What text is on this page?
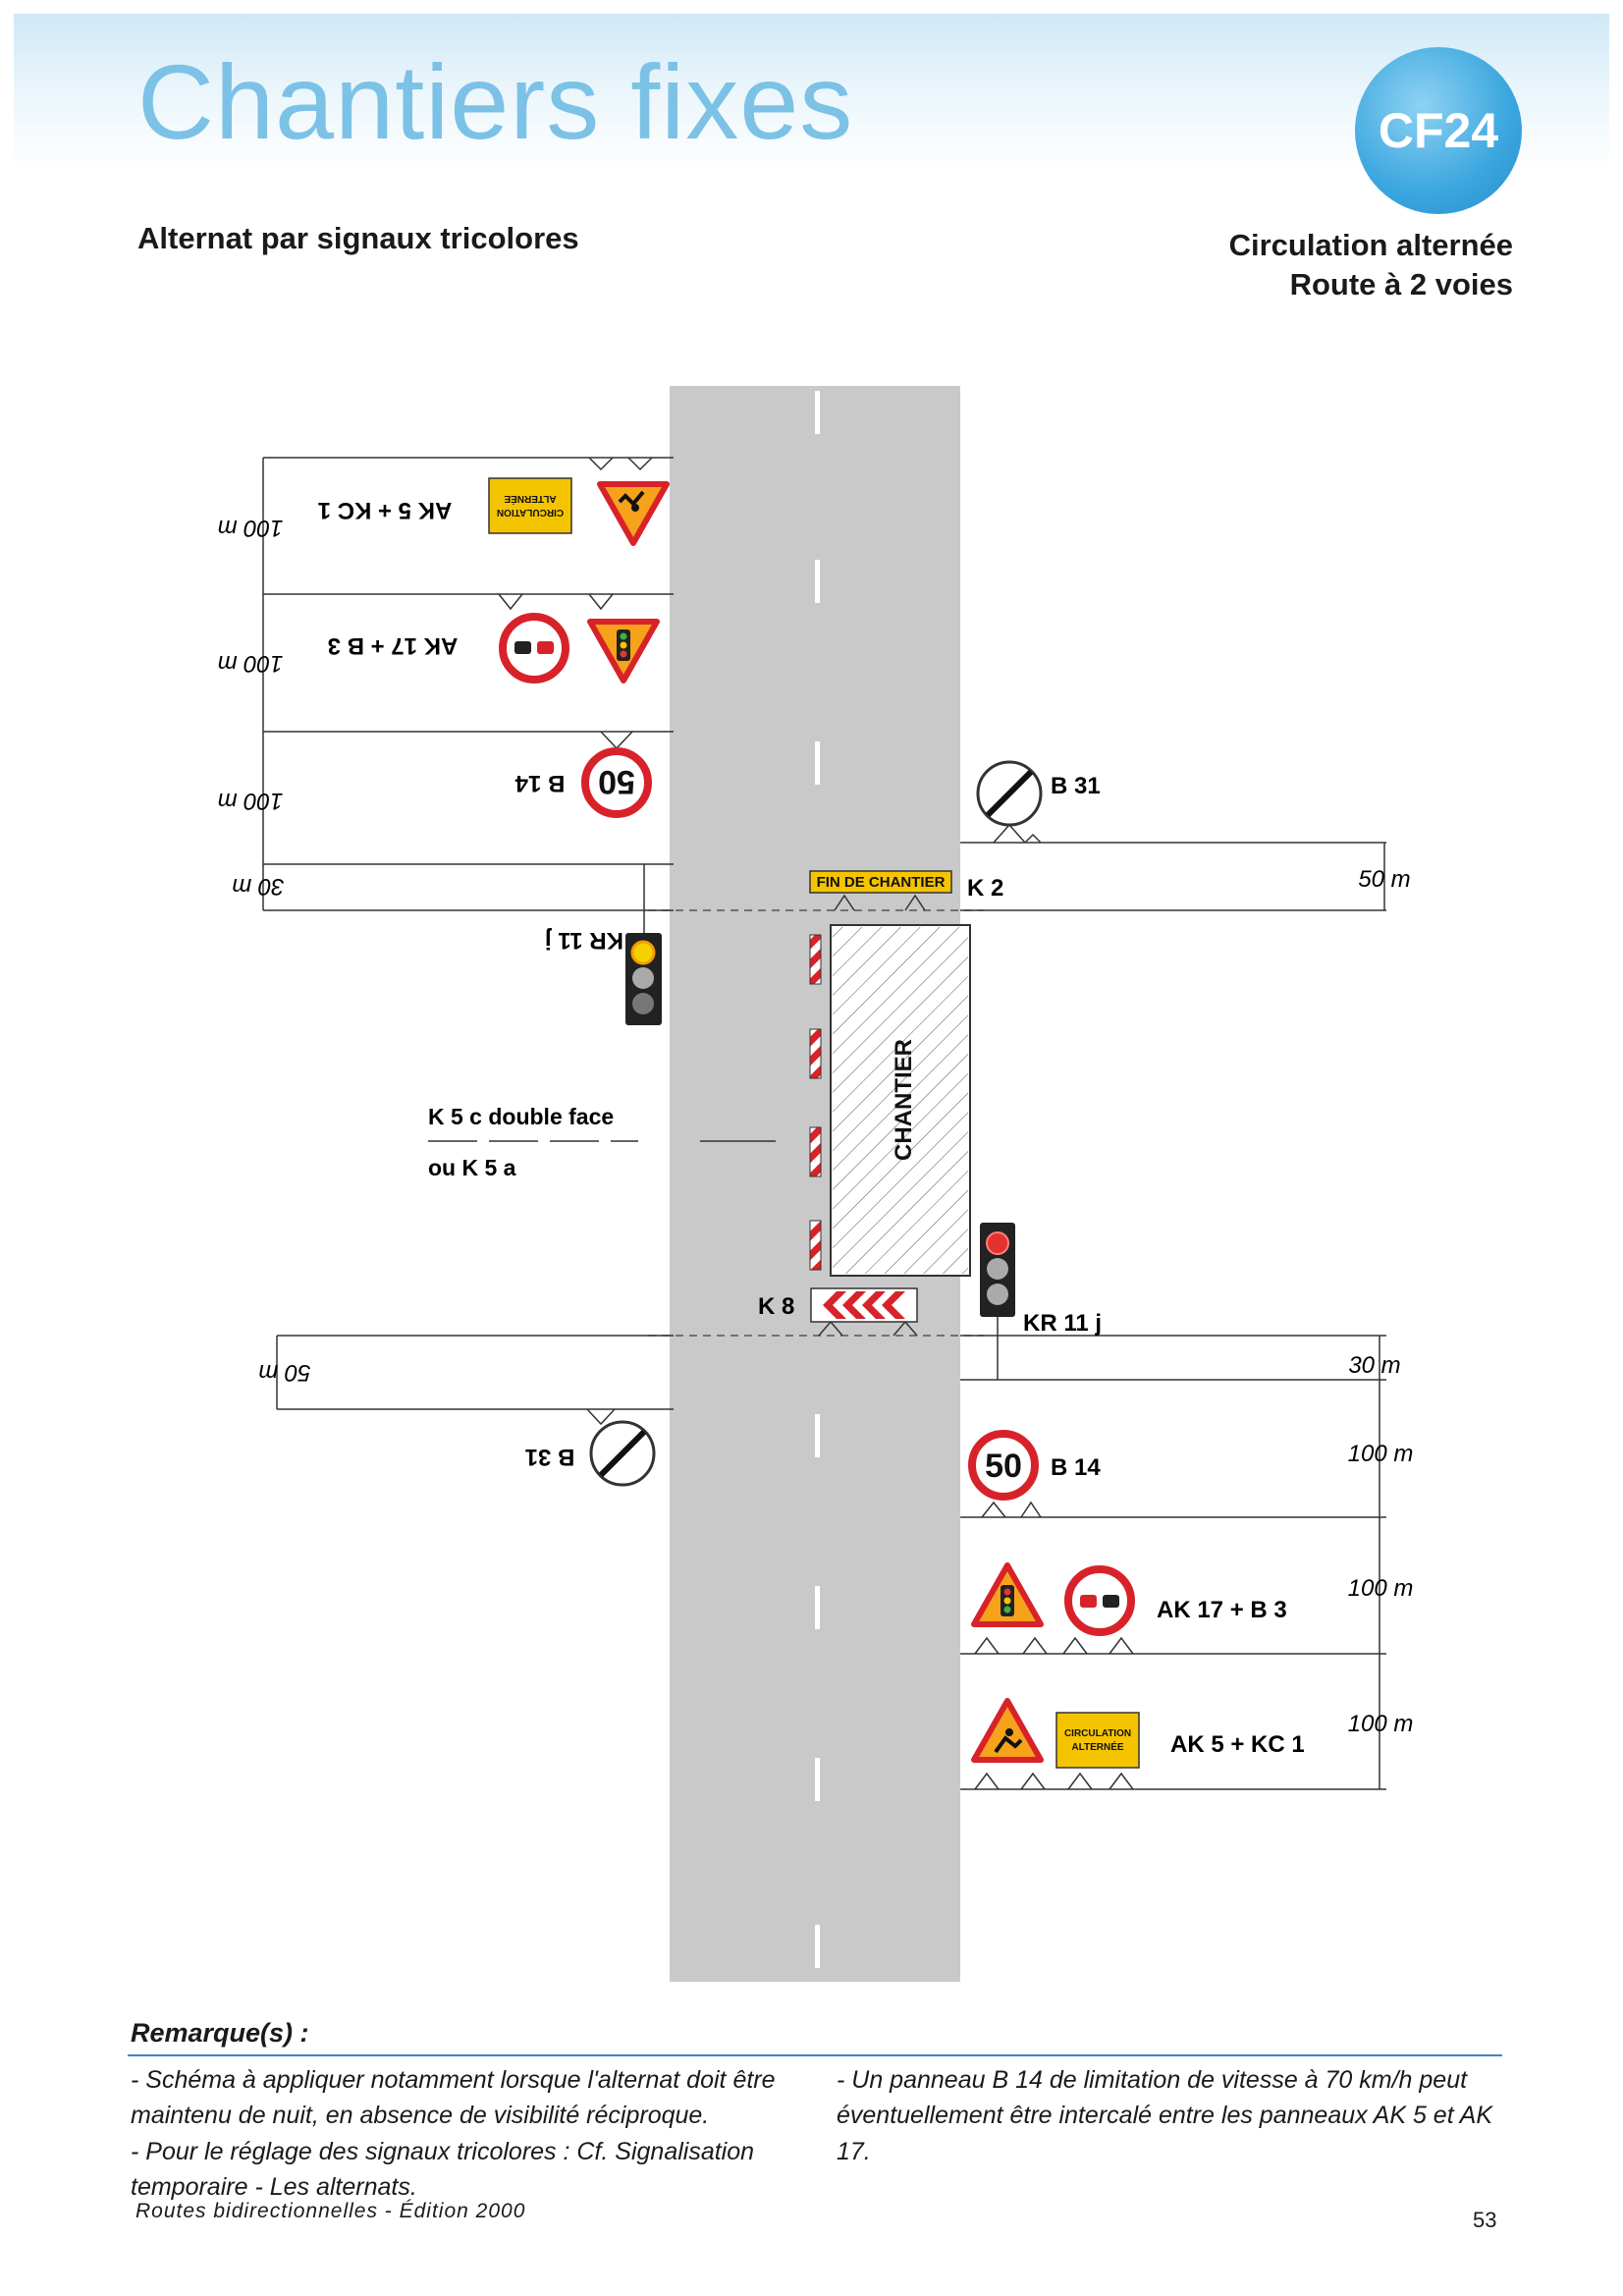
Chantiers fixes	CF24
Alternat par signaux tricolores	Circulation alternée
Route à 2 voies
CHANTIER
CIRCULATION
ALTERNÉE
AK 5 + KC 1
AK 17 + B 3
50
B 14
KR 11 j
K 5 c double face
ou K 5 a
B 31
100 m
100 m
100 m
30 m
50 m
B 31
FIN DE CHANTIER K 2
K 8
KR 11 j
50 B 14
AK 17 + B 3
CIRCULATION
ALTERNÉE AK 5 + KC 1
50 m
30 m
100 m
100 m
100 m
Remarque(s) :

- Schéma à appliquer notamment lorsque l'alternat doit être maintenu de nuit, en absence de visibilité réciproque.

- Pour le réglage des signaux tricolores : Cf. Signalisation temporaire - Les alternats.

- Un panneau B 14 de limitation de vitesse à 70 km/h peut éventuellement être intercalé entre les panneaux AK 5 et AK 17.

Routes bidirectionnelles - Édition 2000	53
